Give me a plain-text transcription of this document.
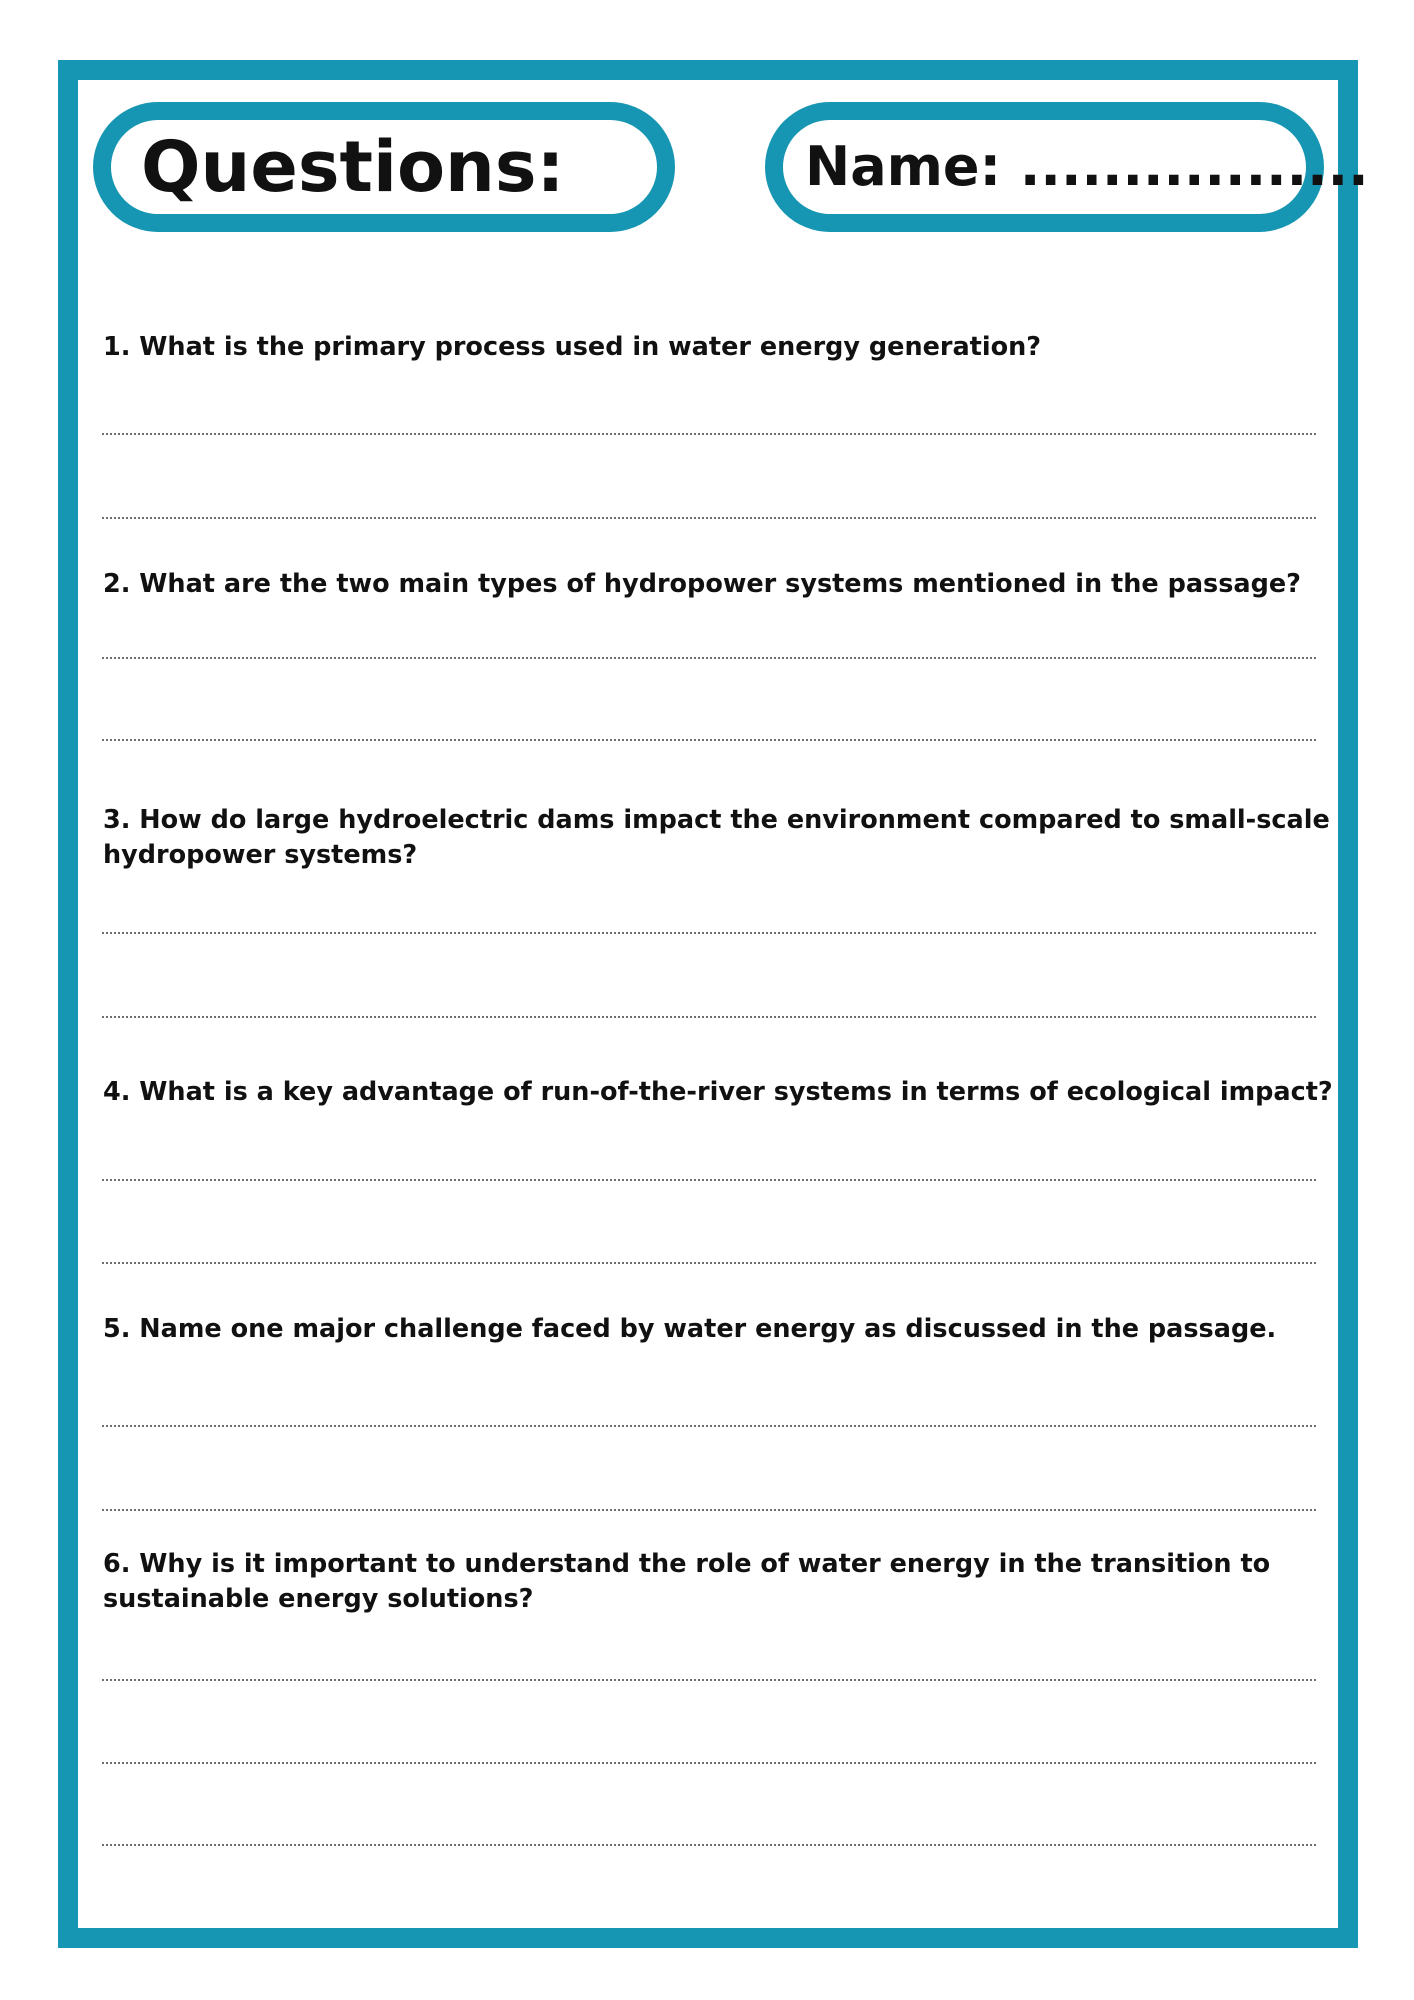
Questions:	Name: .................

1. What is the primary process used in water energy generation?

2. What are the two main types of hydropower systems mentioned in the passage?

3. How do large hydroelectric dams impact the environment compared to small-scale hydropower systems?

4. What is a key advantage of run-of-the-river systems in terms of ecological impact?

5. Name one major challenge faced by water energy as discussed in the passage.

6. Why is it important to understand the role of water energy in the transition to sustainable energy solutions?
